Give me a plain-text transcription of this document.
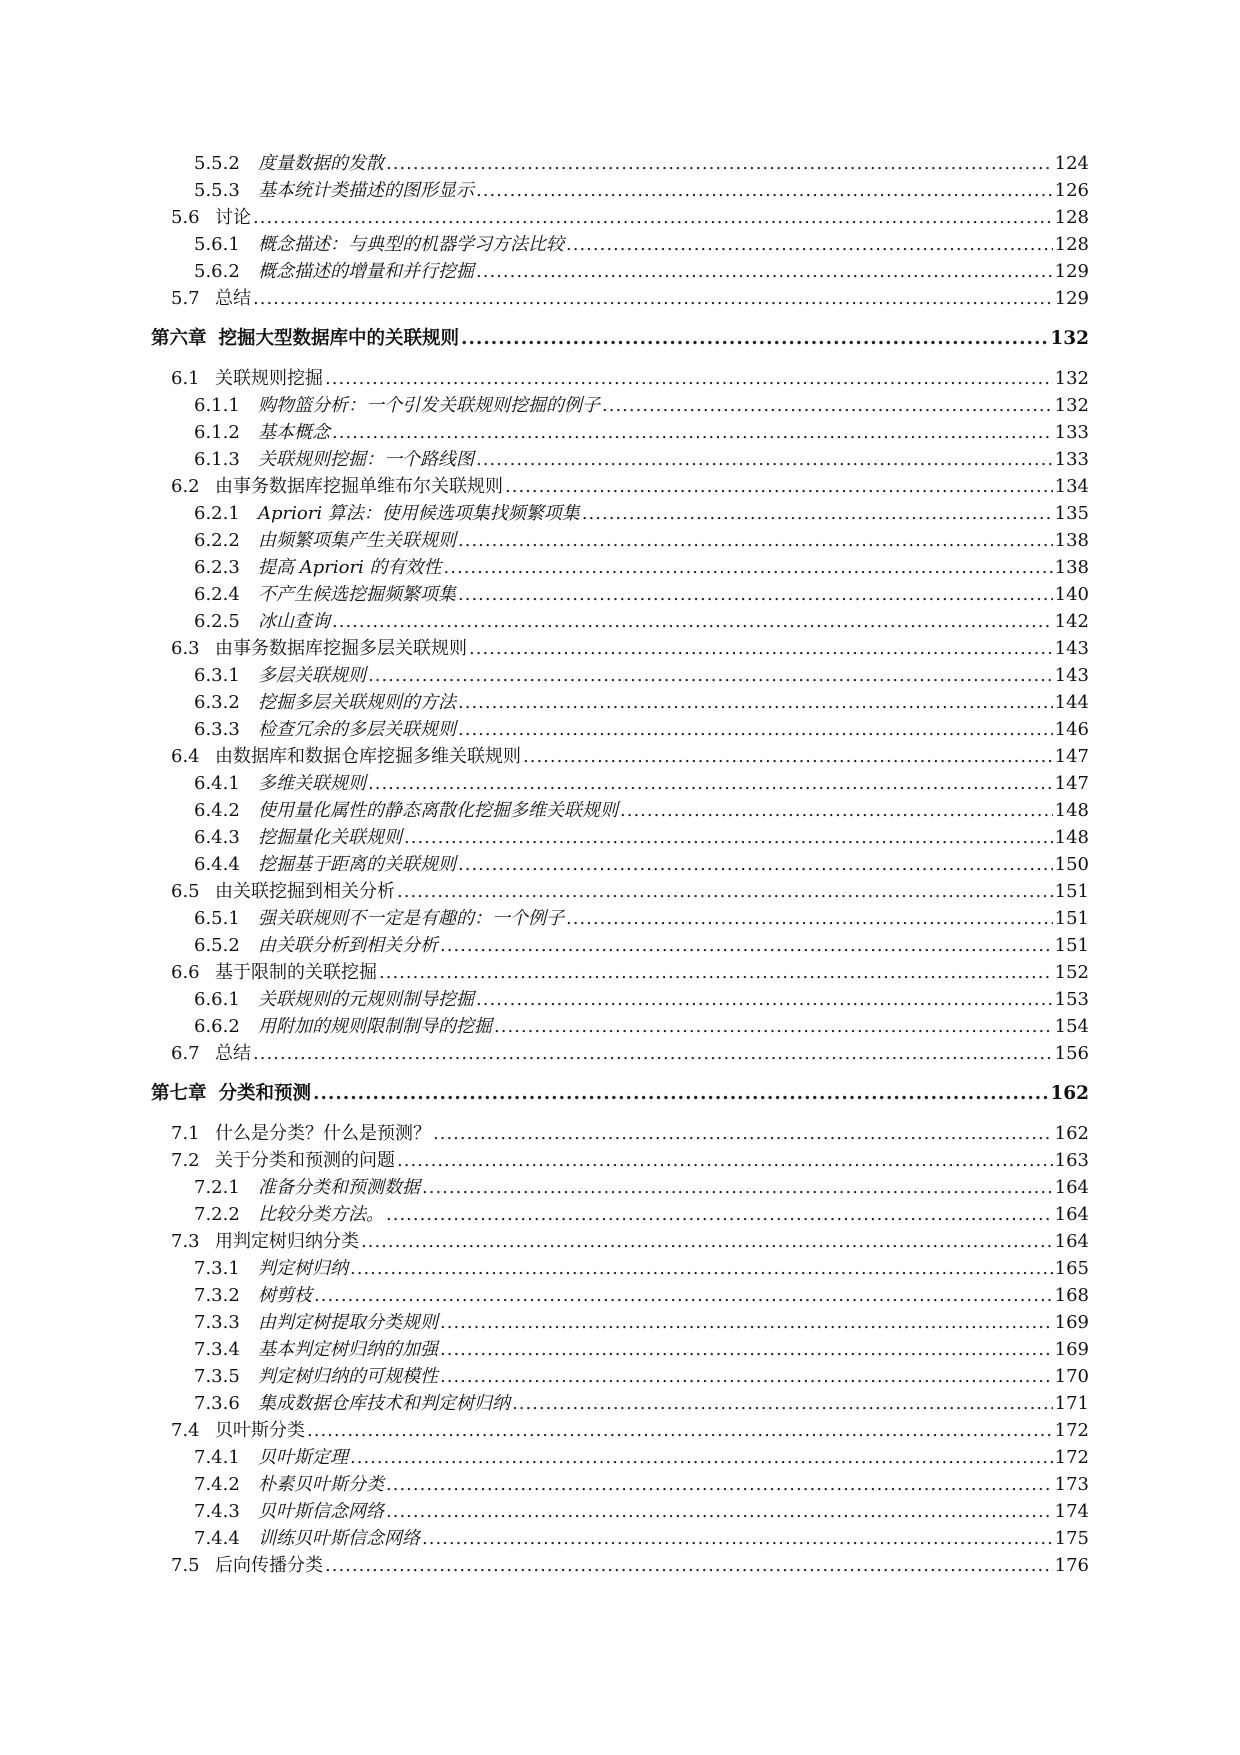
5.5.2	度量数据的发散 .....	124
5.5.3	基本统计类描述的图形显示 .....	126
5.6 讨论 .....	128
5.6.1	概念描述：与典型的机器学习方法比较 .....	128
5.6.2	概念描述的增量和并行挖掘 .....	129
5.7 总结 .....	129
第六章 挖掘大型数据库中的关联规则 .....	132
6.1 关联规则挖掘 .....	132
6.1.1	购物篮分析：一个引发关联规则挖掘的例子 .....	132
6.1.2	基本概念 .....	133
6.1.3	关联规则挖掘：一个路线图 .....	133
6.2 由事务数据库挖掘单维布尔关联规则 .....	134
6.2.1	Apriori 算法：使用候选项集找频繁项集 .....	135
6.2.2	由频繁项集产生关联规则 .....	138
6.2.3	提高 Apriori 的有效性 .....	138
6.2.4	不产生候选挖掘频繁项集 .....	140
6.2.5	冰山查询 .....	142
6.3 由事务数据库挖掘多层关联规则 .....	143
6.3.1	多层关联规则 .....	143
6.3.2	挖掘多层关联规则的方法 .....	144
6.3.3	检查冗余的多层关联规则 .....	146
6.4 由数据库和数据仓库挖掘多维关联规则 .....	147
6.4.1	多维关联规则 .....	147
6.4.2	使用量化属性的静态离散化挖掘多维关联规则 .....	148
6.4.3	挖掘量化关联规则 .....	148
6.4.4	挖掘基于距离的关联规则 .....	150
6.5 由关联挖掘到相关分析 .....	151
6.5.1	强关联规则不一定是有趣的：一个例子 .....	151
6.5.2	由关联分析到相关分析 .....	151
6.6 基于限制的关联挖掘 .....	152
6.6.1	关联规则的元规则制导挖掘 .....	153
6.6.2	用附加的规则限制制导的挖掘 .....	154
6.7 总结 .....	156
第七章 分类和预测 .....	162
7.1 什么是分类？什么是预测？ .....	162
7.2 关于分类和预测的问题 .....	163
7.2.1	准备分类和预测数据 .....	164
7.2.2	比较分类方法。 .....	164
7.3 用判定树归纳分类 .....	164
7.3.1	判定树归纳 .....	165
7.3.2	树剪枝 .....	168
7.3.3	由判定树提取分类规则 .....	169
7.3.4	基本判定树归纳的加强 .....	169
7.3.5	判定树归纳的可规模性 .....	170
7.3.6	集成数据仓库技术和判定树归纳 .....	171
7.4 贝叶斯分类 .....	172
7.4.1	贝叶斯定理 .....	172
7.4.2	朴素贝叶斯分类 .....	173
7.4.3	贝叶斯信念网络 .....	174
7.4.4	训练贝叶斯信念网络 .....	175
7.5 后向传播分类 .....	176
